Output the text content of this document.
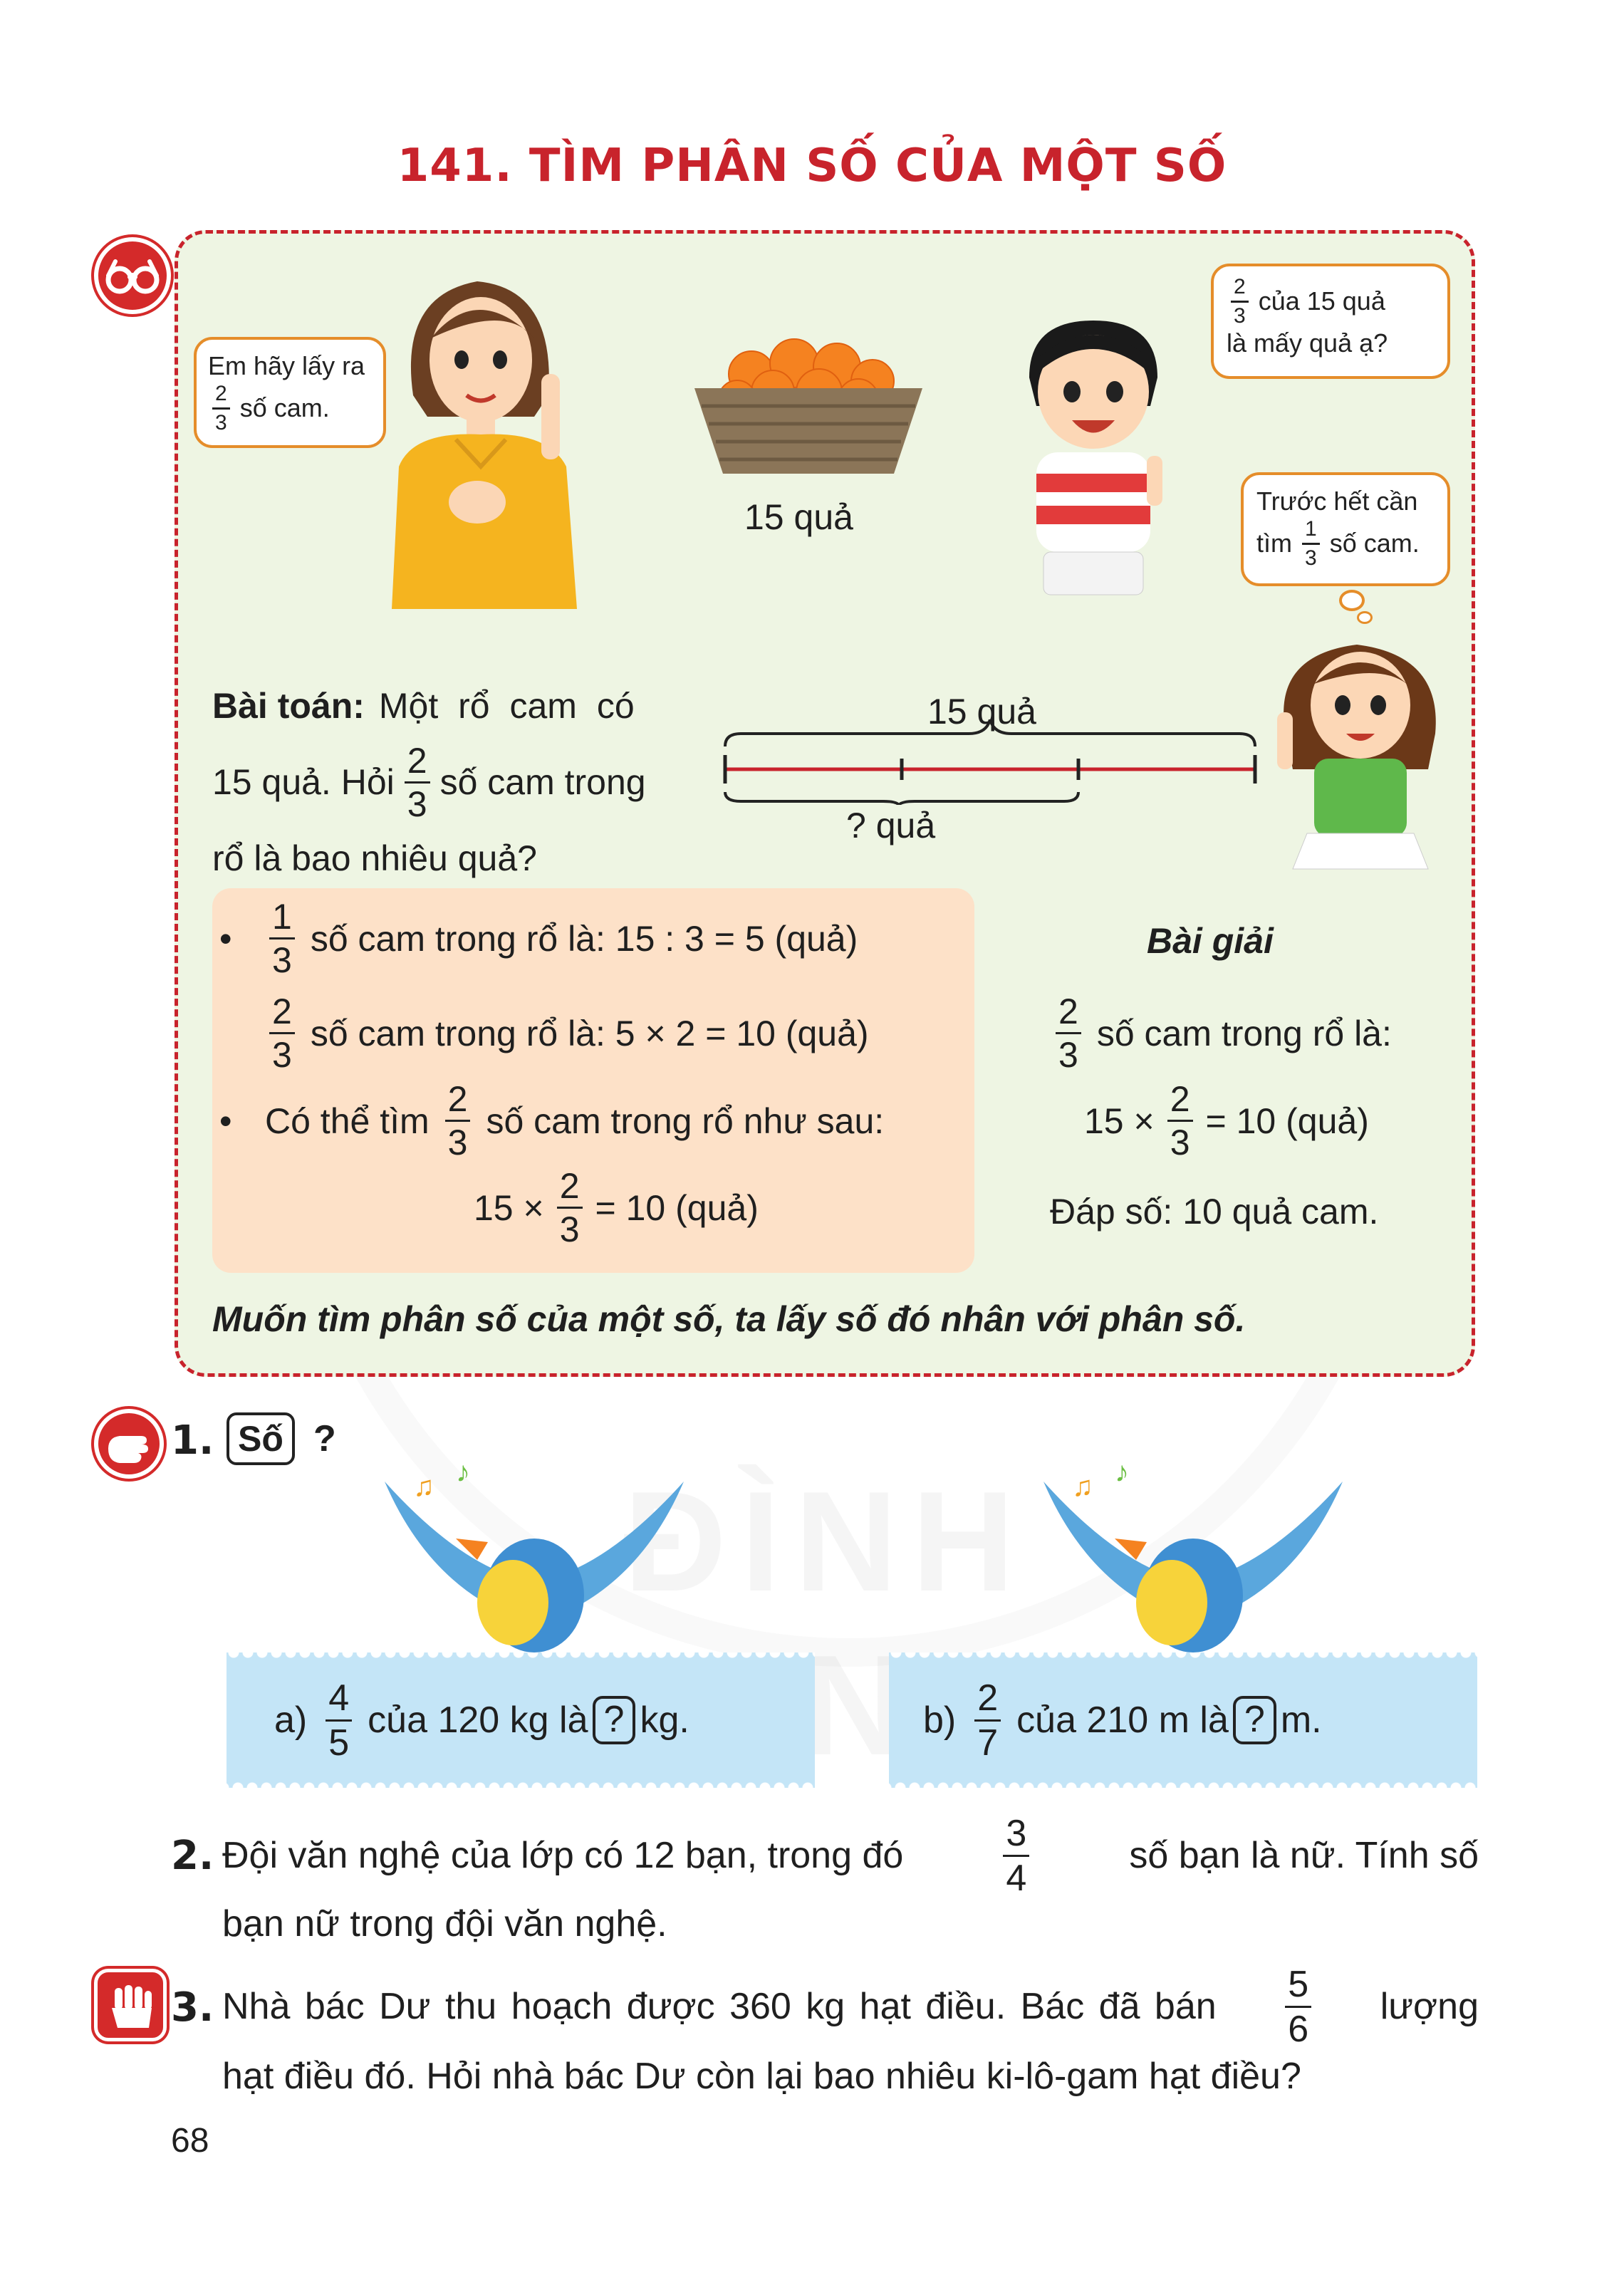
141. TÌM PHÂN SỐ CỦA MỘT SỐ
Em hãy lấy ra
$\frac{2}{3}$ số cam.
15 quả
$\frac{2}{3}$ của 15 quả
là mấy quả ạ?
Trước hết cần
tìm $\frac{1}{3}$ số cam.
Bài toán: Một rổ cam có
15 quả. Hỏi $\frac{2}{3}$ số cam trong
rổ là bao nhiêu quả?
15 quả
? quả
•	$\frac{1}{3}$ số cam trong rổ là: 15 : 3 = 5 (quả)
$\frac{2}{3}$ số cam trong rổ là: 5 × 2 = 10 (quả)
• Có thể tìm $\frac{2}{3}$ số cam trong rổ như sau:
$15 \times \frac{2}{3} = 10$ (quả)
Bài giải
$\frac{2}{3}$ số cam trong rổ là:
$15 \times \frac{2}{3} = 10$ (quả)
Đáp số: 10 quả cam.
Muốn tìm phân số của một số, ta lấy số đó nhân với phân số.
1. Số ?
♫ ♪	♫ ♪
$a) \frac{4}{5}$ của 120 kg là ? kg.	$b) \frac{2}{7}$ của 210 m là ? m.
2. Đội văn nghệ của lớp có 12 bạn, trong đó	$\frac{3}{4}$	số bạn là nữ. Tính số
bạn nữ trong đội văn nghệ.
3. Nhà bác Dư thu hoạch được 360 kg hạt điều. Bác đã bán $\frac{5}{6}$ lượng
hạt điều đó. Hỏi nhà bác Dư còn lại bao nhiêu ki-lô-gam hạt điều?
68
